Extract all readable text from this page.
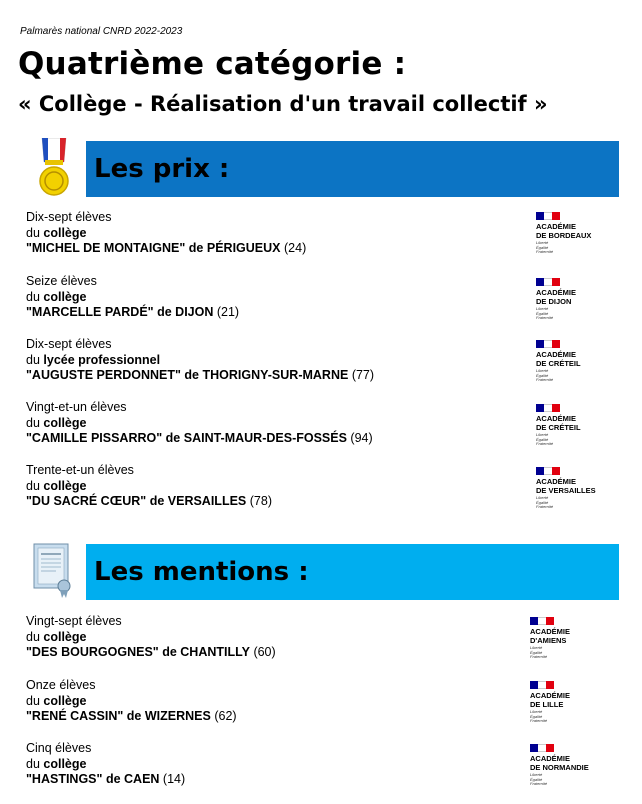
Palmarès national CNRD 2022-2023
Quatrième catégorie :
« Collège - Réalisation d'un travail collectif »
Les prix :
Dix-sept élèves
du collège
"MICHEL DE MONTAIGNE" de PÉRIGUEUX (24)
Seize élèves
du collège
"MARCELLE PARDÉ" de DIJON (21)
Dix-sept élèves
du lycée professionnel
"AUGUSTE PERDONNET" de THORIGNY-SUR-MARNE (77)
Vingt-et-un élèves
du collège
"CAMILLE PISSARRO" de SAINT-MAUR-DES-FOSSÉS (94)
Trente-et-un élèves
du collège
"DU SACRÉ CŒUR" de VERSAILLES (78)
ACADÉMIE
DE BORDEAUX
Liberté
Égalité
Fraternité
ACADÉMIE
DE DIJON
Liberté
Égalité
Fraternité
ACADÉMIE
DE CRÉTEIL
Liberté
Égalité
Fraternité
ACADÉMIE
DE CRÉTEIL
Liberté
Égalité
Fraternité
ACADÉMIE
DE VERSAILLES
Liberté
Égalité
Fraternité
Les mentions :
Vingt-sept élèves
du collège
"DES BOURGOGNES" de CHANTILLY (60)
Onze élèves
du collège
"RENÉ CASSIN" de WIZERNES (62)
Cinq élèves
du collège
"HASTINGS" de CAEN (14)
ACADÉMIE
D'AMIENS
Liberté
Égalité
Fraternité
ACADÉMIE
DE LILLE
Liberté
Égalité
Fraternité
ACADÉMIE
DE NORMANDIE
Liberté
Égalité
Fraternité
